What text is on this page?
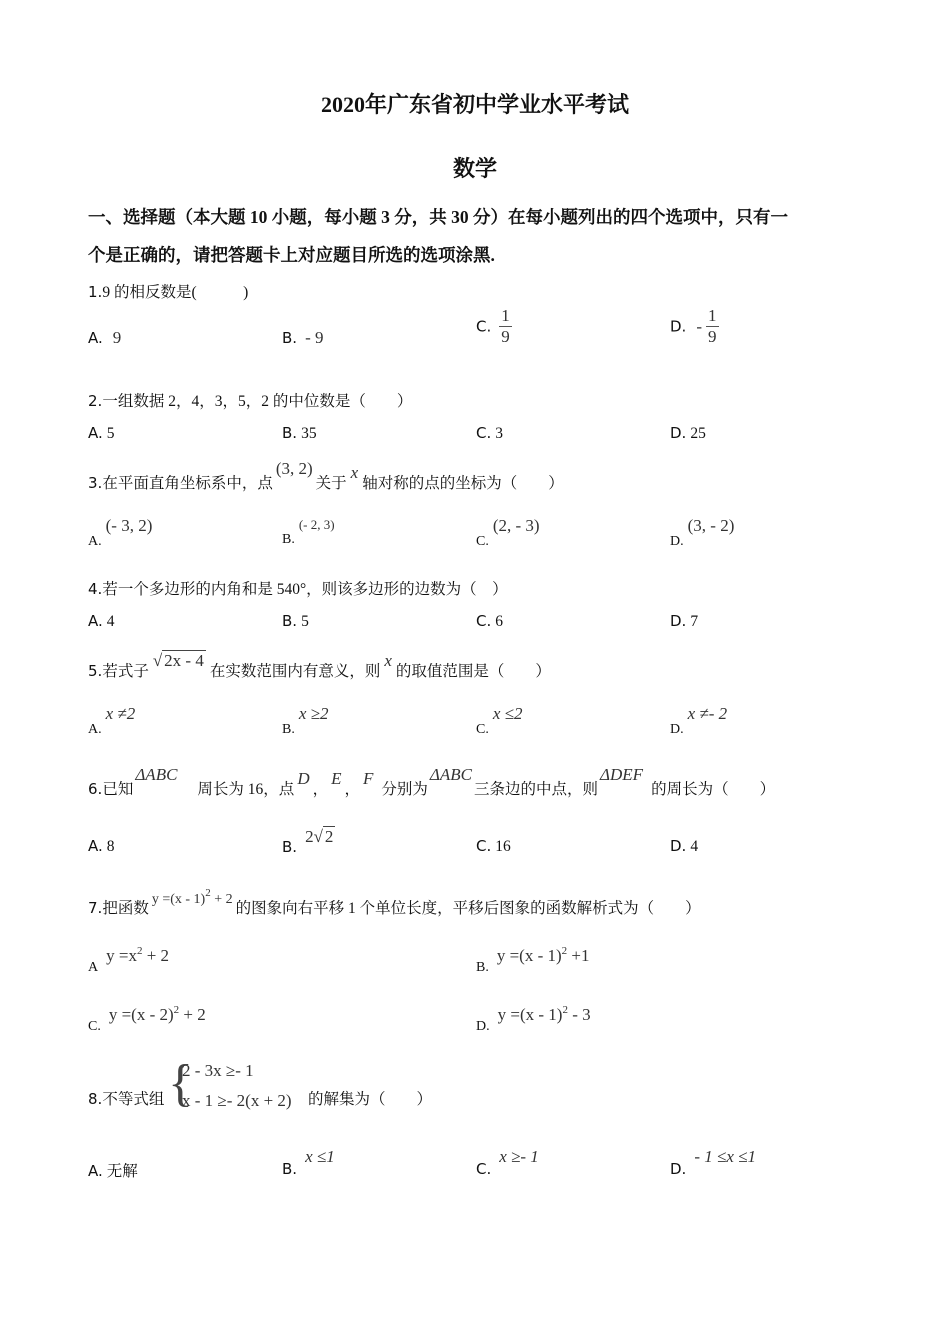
2020年广东省初中学业水平考试
数学
一、选择题（本大题 10 小题，每小题 3 分，共 30 分）在每小题列出的四个选项中，只有一
个是正确的，请把答题卡上对应题目所选的选项涂黑.
1.9 的相反数是(　　　)
A. 9	B. - 9
C. $\frac{1}{9}$	D. - $\frac{1}{9}$
2.一组数据 2，4，3，5，2 的中位数是（　　）
A. 5	B. 35	C. 3	D. 25
3.在平面直角坐标系中，点(3, 2)关于x轴对称的点的坐标为（　　）
A. (- 3, 2)
B. $^{(- 2, 3)}$
C. (2, - 3)
D. (3, - 2)
4.若一个多边形的内角和是 540°，则该多边形的边数为（　）
A. 4	B. 5	C. 6	D. 7
5.若式子√ 2x - 4在实数范围内有意义，则x的取值范围是（　　）
A. x ≠2
B. x ≥2
C. x ≤2
D. x ≠- 2
6.已知ΔABC周长为 16，点D，E，F分别为ΔABC三条边的中点，则ΔDEF的周长为（　　）
A. 8	B. 2√ 2	C. 16	D. 4
7.把函数y =(x - 1)$^2$ + 2的图象向右平移 1 个单位长度，平移后图象的函数解析式为（　　）
A $y =x^2 + 2$
B. y =(x - 1)$^2$ +1
C. y =(x - 2)$^2$ + 2
D. y =(x - 1)$^2$ - 3
8.不等式组 {
2 - 3x ≥- 1
x - 1 ≥- 2(x + 2) 的解集为（　　）
A. 无解	B. x ≤1
C. x ≥- 1
D. - 1 ≤x ≤1
